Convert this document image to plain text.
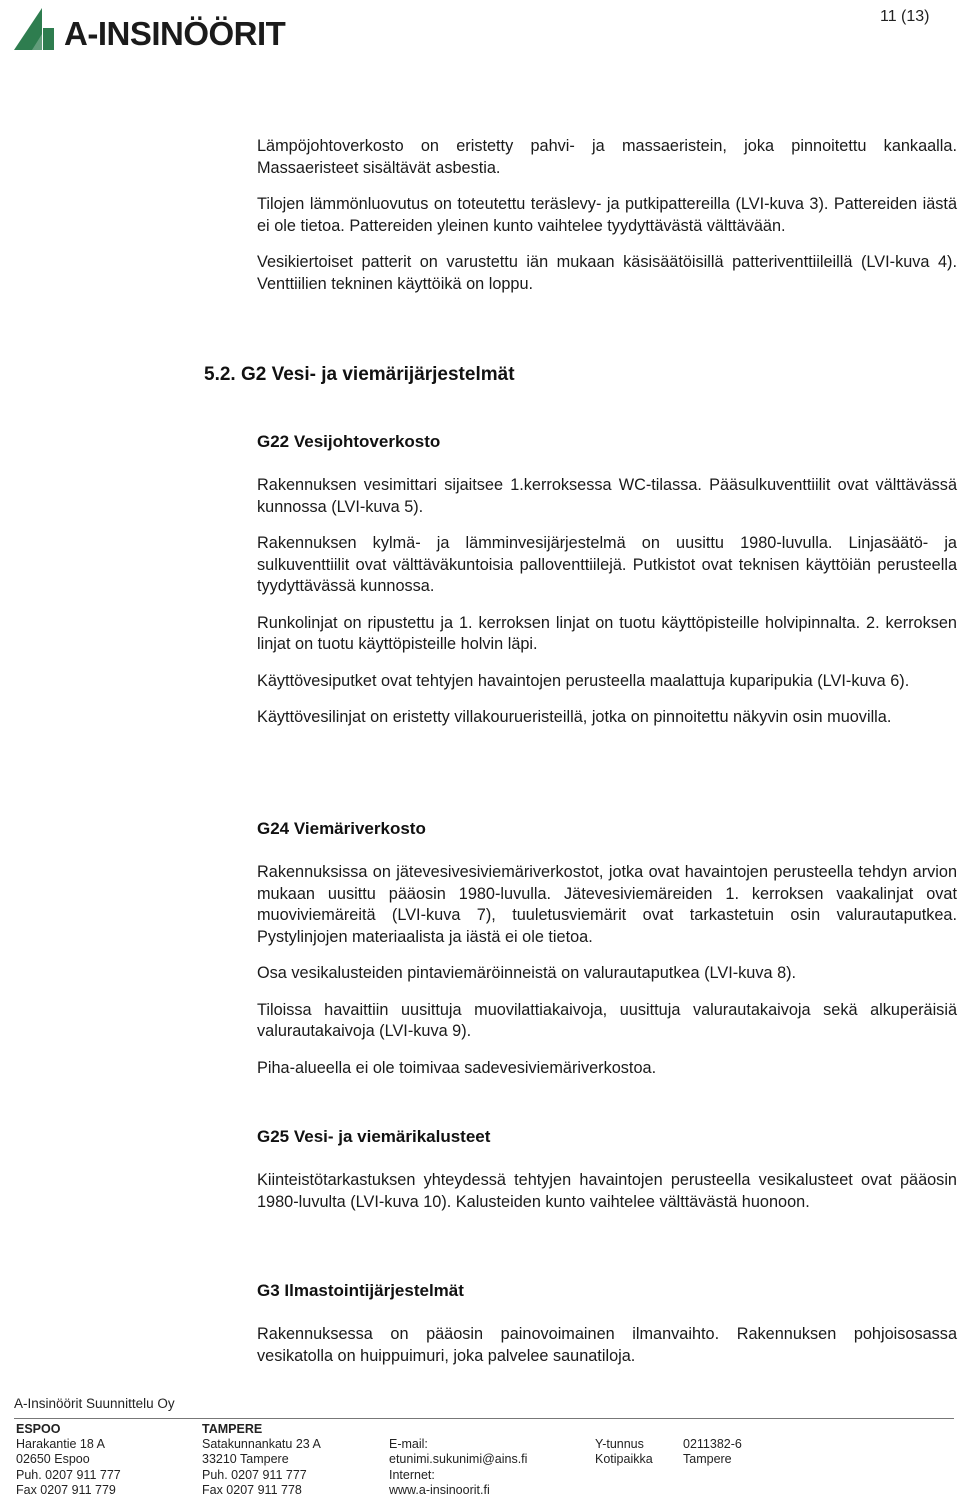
A-INSINÖÖRIT	11 (13)

Lämpöjohtoverkosto on eristetty pahvi- ja massaeristein, joka pinnoitettu kankaalla. Massaeristeet sisältävät asbestia.

Tilojen lämmönluovutus on toteutettu teräslevy- ja putkipattereilla (LVI-kuva 3). Pattereiden iästä ei ole tietoa. Pattereiden yleinen kunto vaihtelee tyydyttävästä välttävään.

Vesikiertoiset patterit on varustettu iän mukaan käsisäätöisillä patteriventtiileillä (LVI-kuva 4). Venttiilien tekninen käyttöikä on loppu.

5.2. G2 Vesi- ja viemärijärjestelmät
G22 Vesijohtoverkosto

Rakennuksen vesimittari sijaitsee 1.kerroksessa WC-tilassa. Pääsulkuventtiilit ovat välttävässä kunnossa (LVI-kuva 5).

Rakennuksen kylmä- ja lämminvesijärjestelmä on uusittu 1980-luvulla. Linjasäätö- ja sulkuventtiilit ovat välttäväkuntoisia palloventtiilejä. Putkistot ovat teknisen käyttöiän perusteella tyydyttävässä kunnossa.

Runkolinjat on ripustettu ja 1. kerroksen linjat on tuotu käyttöpisteille holvipinnalta. 2. kerroksen linjat on tuotu käyttöpisteille holvin läpi.

Käyttövesiputket ovat tehtyjen havaintojen perusteella maalattuja kuparipukia (LVI-kuva 6).

Käyttövesilinjat on eristetty villakourueristeillä, jotka on pinnoitettu näkyvin osin muovilla.

G24 Viemäriverkosto

Rakennuksissa on jätevesivesiviemäriverkostot, jotka ovat havaintojen perusteella tehdyn arvion mukaan uusittu pääosin 1980-luvulla. Jätevesiviemäreiden 1. kerroksen vaakalinjat ovat muoviviemäreitä (LVI-kuva 7), tuuletusviemärit ovat tarkastetuin osin valurautaputkea. Pystylinjojen materiaalista ja iästä ei ole tietoa.

Osa vesikalusteiden pintaviemäröinneistä on valurautaputkea (LVI-kuva 8).

Tiloissa havaittiin uusittuja muovilattiakaivoja, uusittuja valurautakaivoja sekä alkuperäisiä valurautakaivoja (LVI-kuva 9).

Piha-alueella ei ole toimivaa sadevesiviemäriverkostoa.

G25 Vesi- ja viemärikalusteet

Kiinteistötarkastuksen yhteydessä tehtyjen havaintojen perusteella vesikalusteet ovat pääosin 1980-luvulta (LVI-kuva 10). Kalusteiden kunto vaihtelee välttävästä huonoon.

G3 Ilmastointijärjestelmät

Rakennuksessa on pääosin painovoimainen ilmanvaihto. Rakennuksen pohjoisosassa vesikatolla on huippuimuri, joka palvelee saunatiloja.

A-Insinöörit Suunnittelu Oy
ESPOO
Harakantie 18 A
02650 Espoo
Puh. 0207 911 777
Fax 0207 911 779
TAMPERE
Satakunnankatu 23 A
33210 Tampere
Puh. 0207 911 777
Fax 0207 911 778

E-mail:
etunimi.sukunimi@ains.fi
Internet:
www.a-insinoorit.fi

Y-tunnus
Kotipaikka

0211382-6
Tampere
